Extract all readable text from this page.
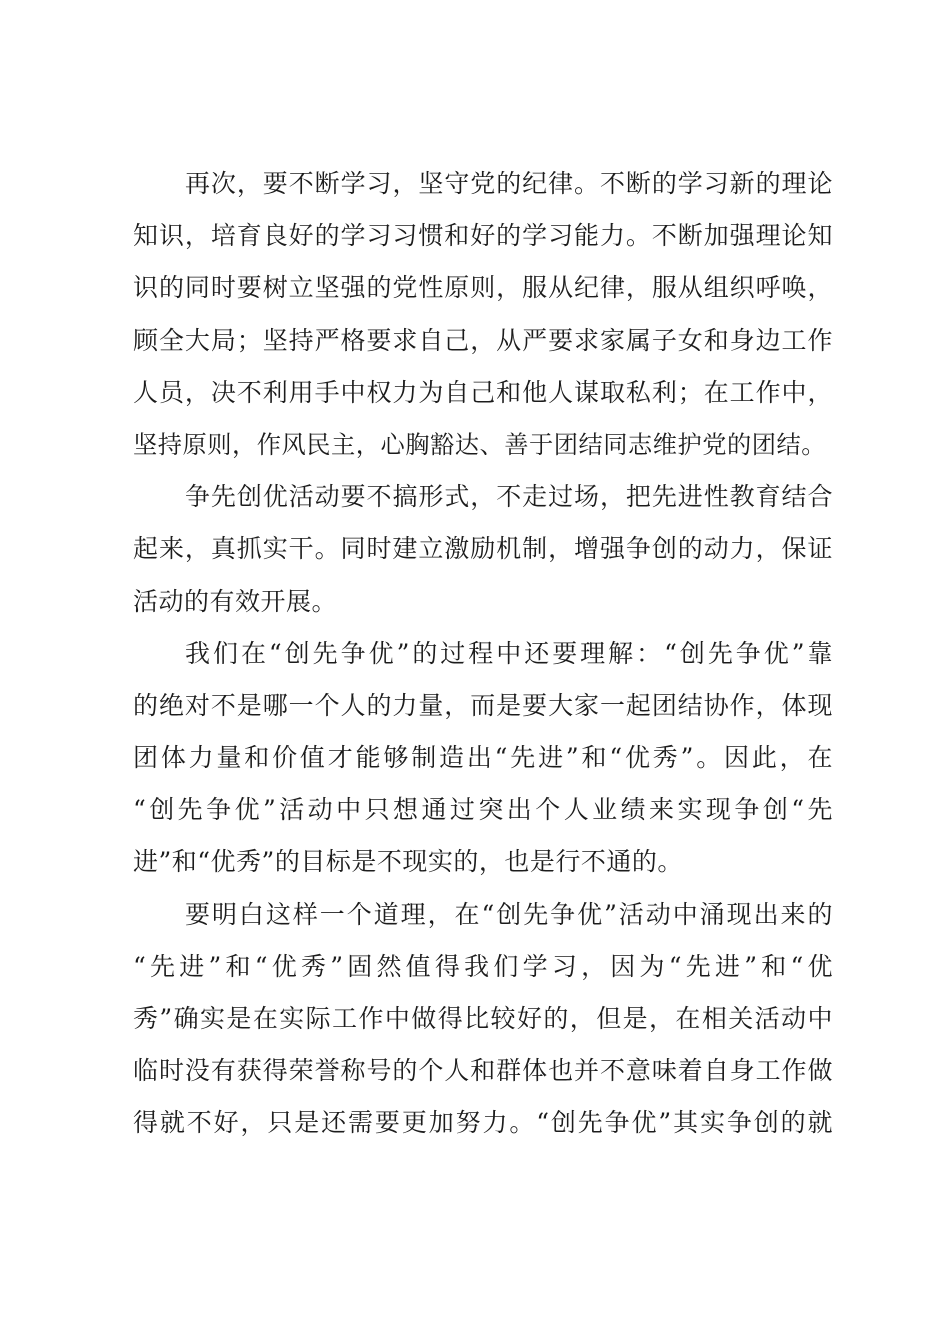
再次，要不断学习，坚守党的纪律。不断的学习新的理论
知识，培育良好的学习习惯和好的学习能力。不断加强理论知
识的同时要树立坚强的党性原则，服从纪律，服从组织呼唤，
顾全大局；坚持严格要求自己，从严要求家属子女和身边工作
人员，决不利用手中权力为自己和他人谋取私利；在工作中，
坚持原则，作风民主，心胸豁达、善于团结同志维护党的团结。
争先创优活动要不搞形式，不走过场，把先进性教育结合
起来，真抓实干。同时建立激励机制，增强争创的动力，保证
活动的有效开展。
我们在“创先争优”的过程中还要理解：“创先争优”靠
的绝对不是哪一个人的力量，而是要大家一起团结协作，体现
团体力量和价值才能够制造出“先进”和“优秀”。因此，在
“创先争优”活动中只想通过突出个人业绩来实现争创“先
进”和“优秀”的目标是不现实的，也是行不通的。
要明白这样一个道理，在“创先争优”活动中涌现出来的
“先进”和“优秀”固然值得我们学习，因为“先进”和“优
秀”确实是在实际工作中做得比较好的，但是，在相关活动中
临时没有获得荣誉称号的个人和群体也并不意味着自身工作做
得就不好，只是还需要更加努力。“创先争优”其实争创的就
